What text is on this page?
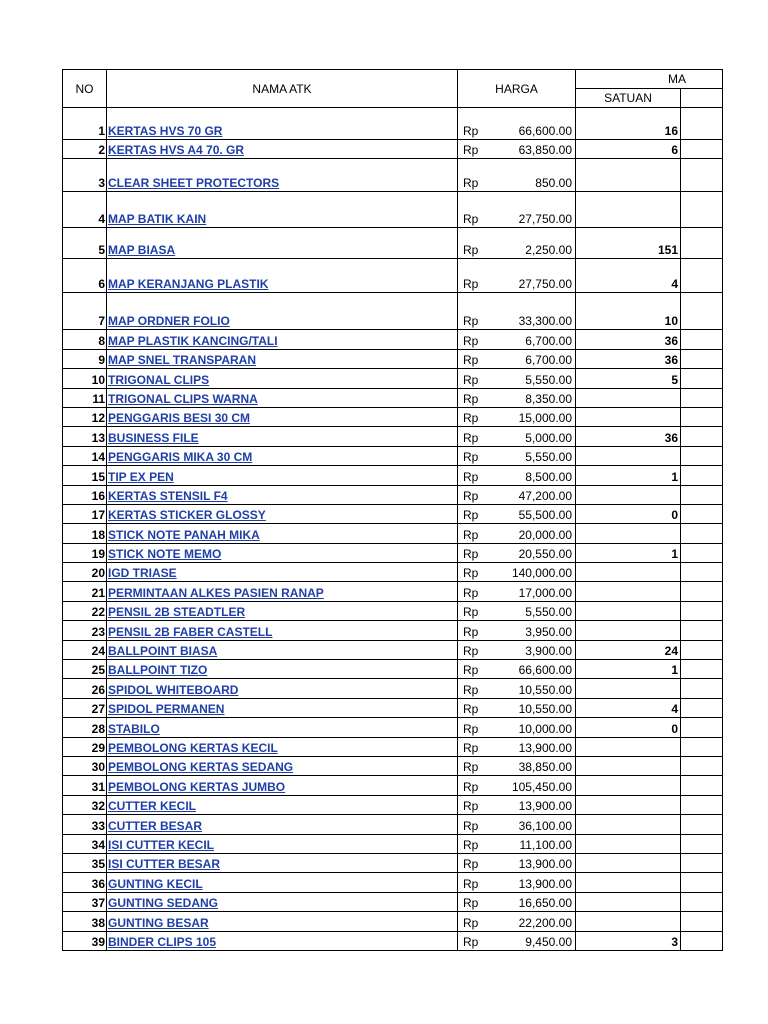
NO	NAMA ATK	HARGA	MA	
			SATUAN	
1	KERTAS HVS 70 GR	Rp 66,600.00	16	
2	KERTAS HVS A4 70. GR	Rp 63,850.00	6	
3	CLEAR SHEET PROTECTORS	Rp 850.00		

4	MAP BATIK KAIN	Rp 27,750.00		

5	MAP BIASA	Rp 2,250.00	151	
6	MAP KERANJANG PLASTIK	Rp 27,750.00	4	
7	MAP ORDNER FOLIO	Rp 33,300.00	10	
8	MAP PLASTIK KANCING/TALI	Rp 6,700.00	36	
9	MAP SNEL TRANSPARAN	Rp 6,700.00	36	
10	TRIGONAL CLIPS	Rp 5,550.00	5	
11	TRIGONAL CLIPS WARNA	Rp 8,350.00		

12	PENGGARIS BESI 30 CM	Rp 15,000.00		

13	BUSINESS FILE	Rp 5,000.00	36	
14	PENGGARIS MIKA 30 CM	Rp 5,550.00		

15	TIP EX PEN	Rp 8,500.00	1	
16	KERTAS STENSIL F4	Rp 47,200.00		

17	KERTAS STICKER GLOSSY	Rp 55,500.00	0	
18	STICK NOTE PANAH MIKA	Rp 20,000.00		

19	STICK NOTE MEMO	Rp 20,550.00	1	
20	IGD TRIASE	Rp 140,000.00		

21	PERMINTAAN ALKES PASIEN RANAP	Rp 17,000.00		

22	PENSIL 2B STEADTLER	Rp 5,550.00		

23	PENSIL 2B FABER CASTELL	Rp 3,950.00		

24	BALLPOINT BIASA	Rp 3,900.00	24	
25	BALLPOINT TIZO	Rp 66,600.00	1	
26	SPIDOL WHITEBOARD	Rp 10,550.00		

27	SPIDOL PERMANEN	Rp 10,550.00	4	
28	STABILO	Rp 10,000.00	0	
29	PEMBOLONG KERTAS KECIL	Rp 13,900.00		

30	PEMBOLONG KERTAS SEDANG	Rp 38,850.00		

31	PEMBOLONG KERTAS JUMBO	Rp 105,450.00		

32	CUTTER KECIL	Rp 13,900.00		

33	CUTTER BESAR	Rp 36,100.00		

34	ISI CUTTER KECIL	Rp 11,100.00		

35	ISI CUTTER BESAR	Rp 13,900.00		

36	GUNTING KECIL	Rp 13,900.00		

37	GUNTING SEDANG	Rp 16,650.00		

38	GUNTING BESAR	Rp 22,200.00		

39	BINDER CLIPS 105	Rp 9,450.00	3	
